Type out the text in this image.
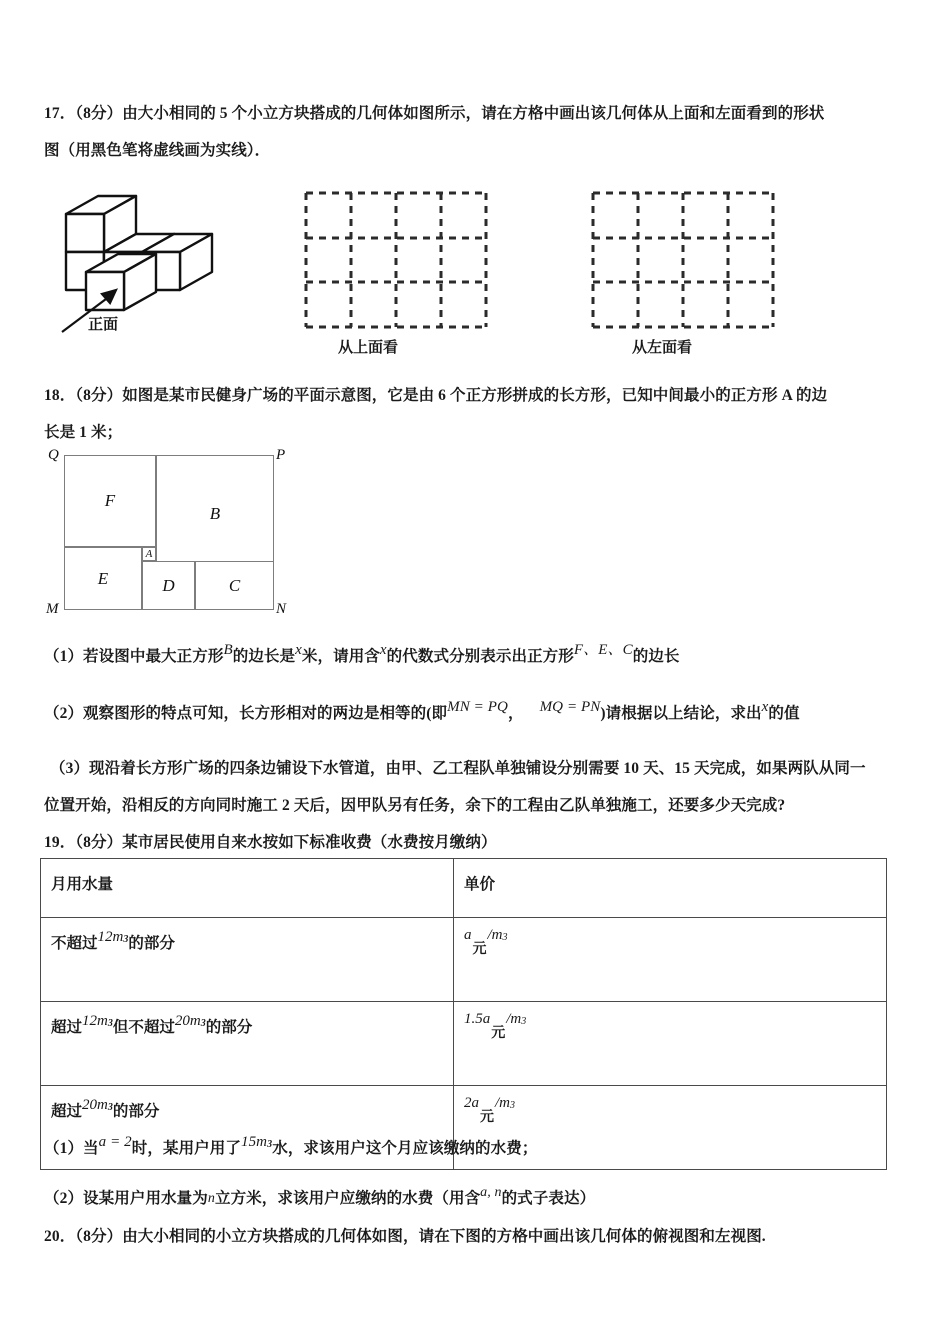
17．（8分）由大小相同的 5 个小立方块搭成的几何体如图所示，请在方格中画出该几何体从上面和左面看到的形状
图（用黑色笔将虚线画为实线）．
正面
从上面看	从左面看
18．（8分）如图是某市民健身广场的平面示意图，它是由 6 个正方形拼成的长方形，已知中间最小的正方形 A 的边
长是 1 米；
F
B
A
E	D	C
Q	P
M	N
（1）若设图中最大正方形B的边长是x米，请用含x的代数式分别表示出正方形F、E、C的边长
（2）观察图形的特点可知，长方形相对的两边是相等的(即MN = PQ， MQ = PN)请根据以上结论，求出x的值
（3）现沿着长方形广场的四条边铺设下水管道，由甲、乙工程队单独铺设分别需要 10 天、15 天完成，如果两队从同一
位置开始，沿相反的方向同时施工 2 天后，因甲队另有任务，余下的工程由乙队单独施工，还要多少天完成?
19．（8分）某市居民使用自来水按如下标准收费（水费按月缴纳）
月用水量	单价
不超过$12m^3$的部分	a元$/m^3$
超过$12m^3$但不超过$20m^3$的部分	1.5a元$/m^3$
超过$20m^3$的部分	2a元$/m^3$
（1）当a = 2时，某用户用了$15m^3$水，求该用户这个月应该缴纳的水费；
（2）设某用户用水量为n立方米，求该用户应缴纳的水费（用含a, n的式子表达）
20．（8分）由大小相同的小立方块搭成的几何体如图，请在下图的方格中画出该几何体的俯视图和左视图.
